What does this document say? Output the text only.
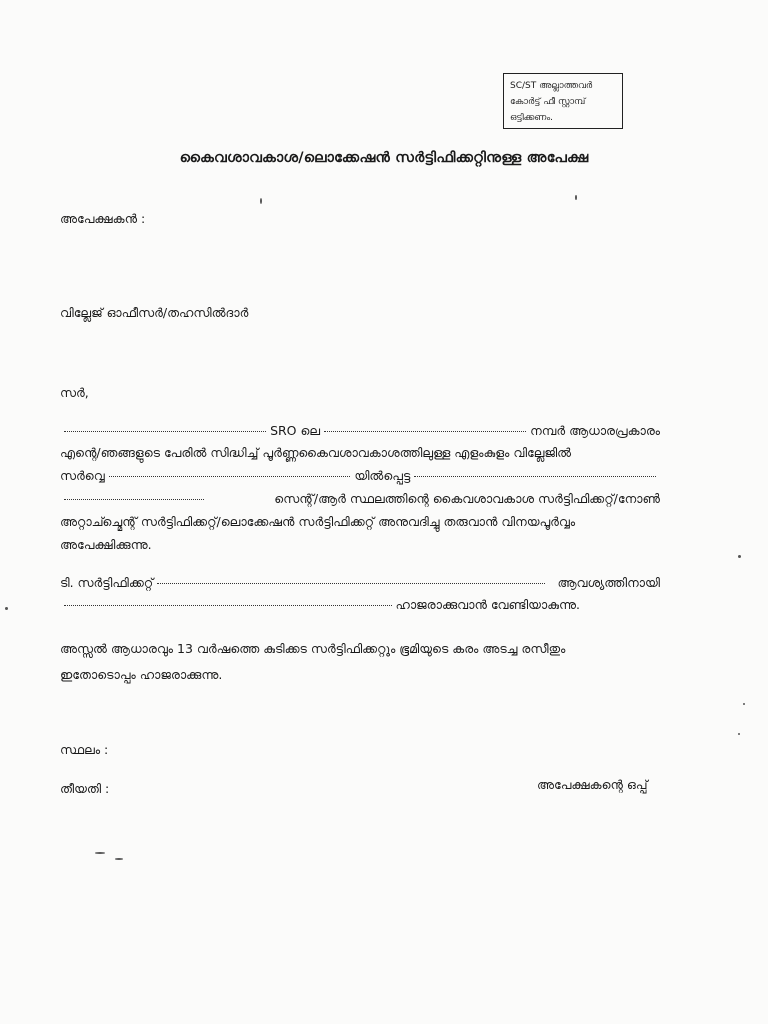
SC/ST അല്ലാത്തവർ
കോർട്ട് ഫീ സ്റ്റാമ്പ്
ഒട്ടിക്കണം.
കൈവശാവകാശ/ലൊക്കേഷൻ സർട്ടിഫിക്കറ്റിനുള്ള അപേക്ഷ
അപേക്ഷകൻ :
വില്ലേജ് ഓഫീസർ/തഹസിൽദാർ
സർ,
SRO ലെ	നമ്പർ ആധാരപ്രകാരം
എന്റെ/ഞങ്ങളുടെ പേരിൽ സിദ്ധിച്ച് പൂർണ്ണകൈവശാവകാശത്തിലുള്ള എളംകുളം വില്ലേജിൽ
സർവ്വെ	യിൽപ്പെട്ട
സെന്റ്/ആർ സ്ഥലത്തിന്റെ കൈവശാവകാശ സർട്ടിഫിക്കറ്റ്/നോൺ
അറ്റാച്ച്മെന്റ് സർട്ടിഫിക്കറ്റ്/ലൊക്കേഷൻ സർട്ടിഫിക്കറ്റ് അനുവദിച്ചു തരുവാൻ വിനയപൂർവ്വം
അപേക്ഷിക്കുന്നു.
ടി. സർട്ടിഫിക്കറ്റ്	ആവശ്യത്തിനായി
ഹാജരാക്കുവാൻ വേണ്ടിയാകുന്നു.
അസ്സൽ ആധാരവും 13 വർഷത്തെ കുടിക്കട സർട്ടിഫിക്കറ്റും ഭൂമിയുടെ കരം അടച്ച രസീതും
ഇതോടൊപ്പം ഹാജരാക്കുന്നു.
സ്ഥലം :
തീയതി :	അപേക്ഷകന്റെ ഒപ്പ്
